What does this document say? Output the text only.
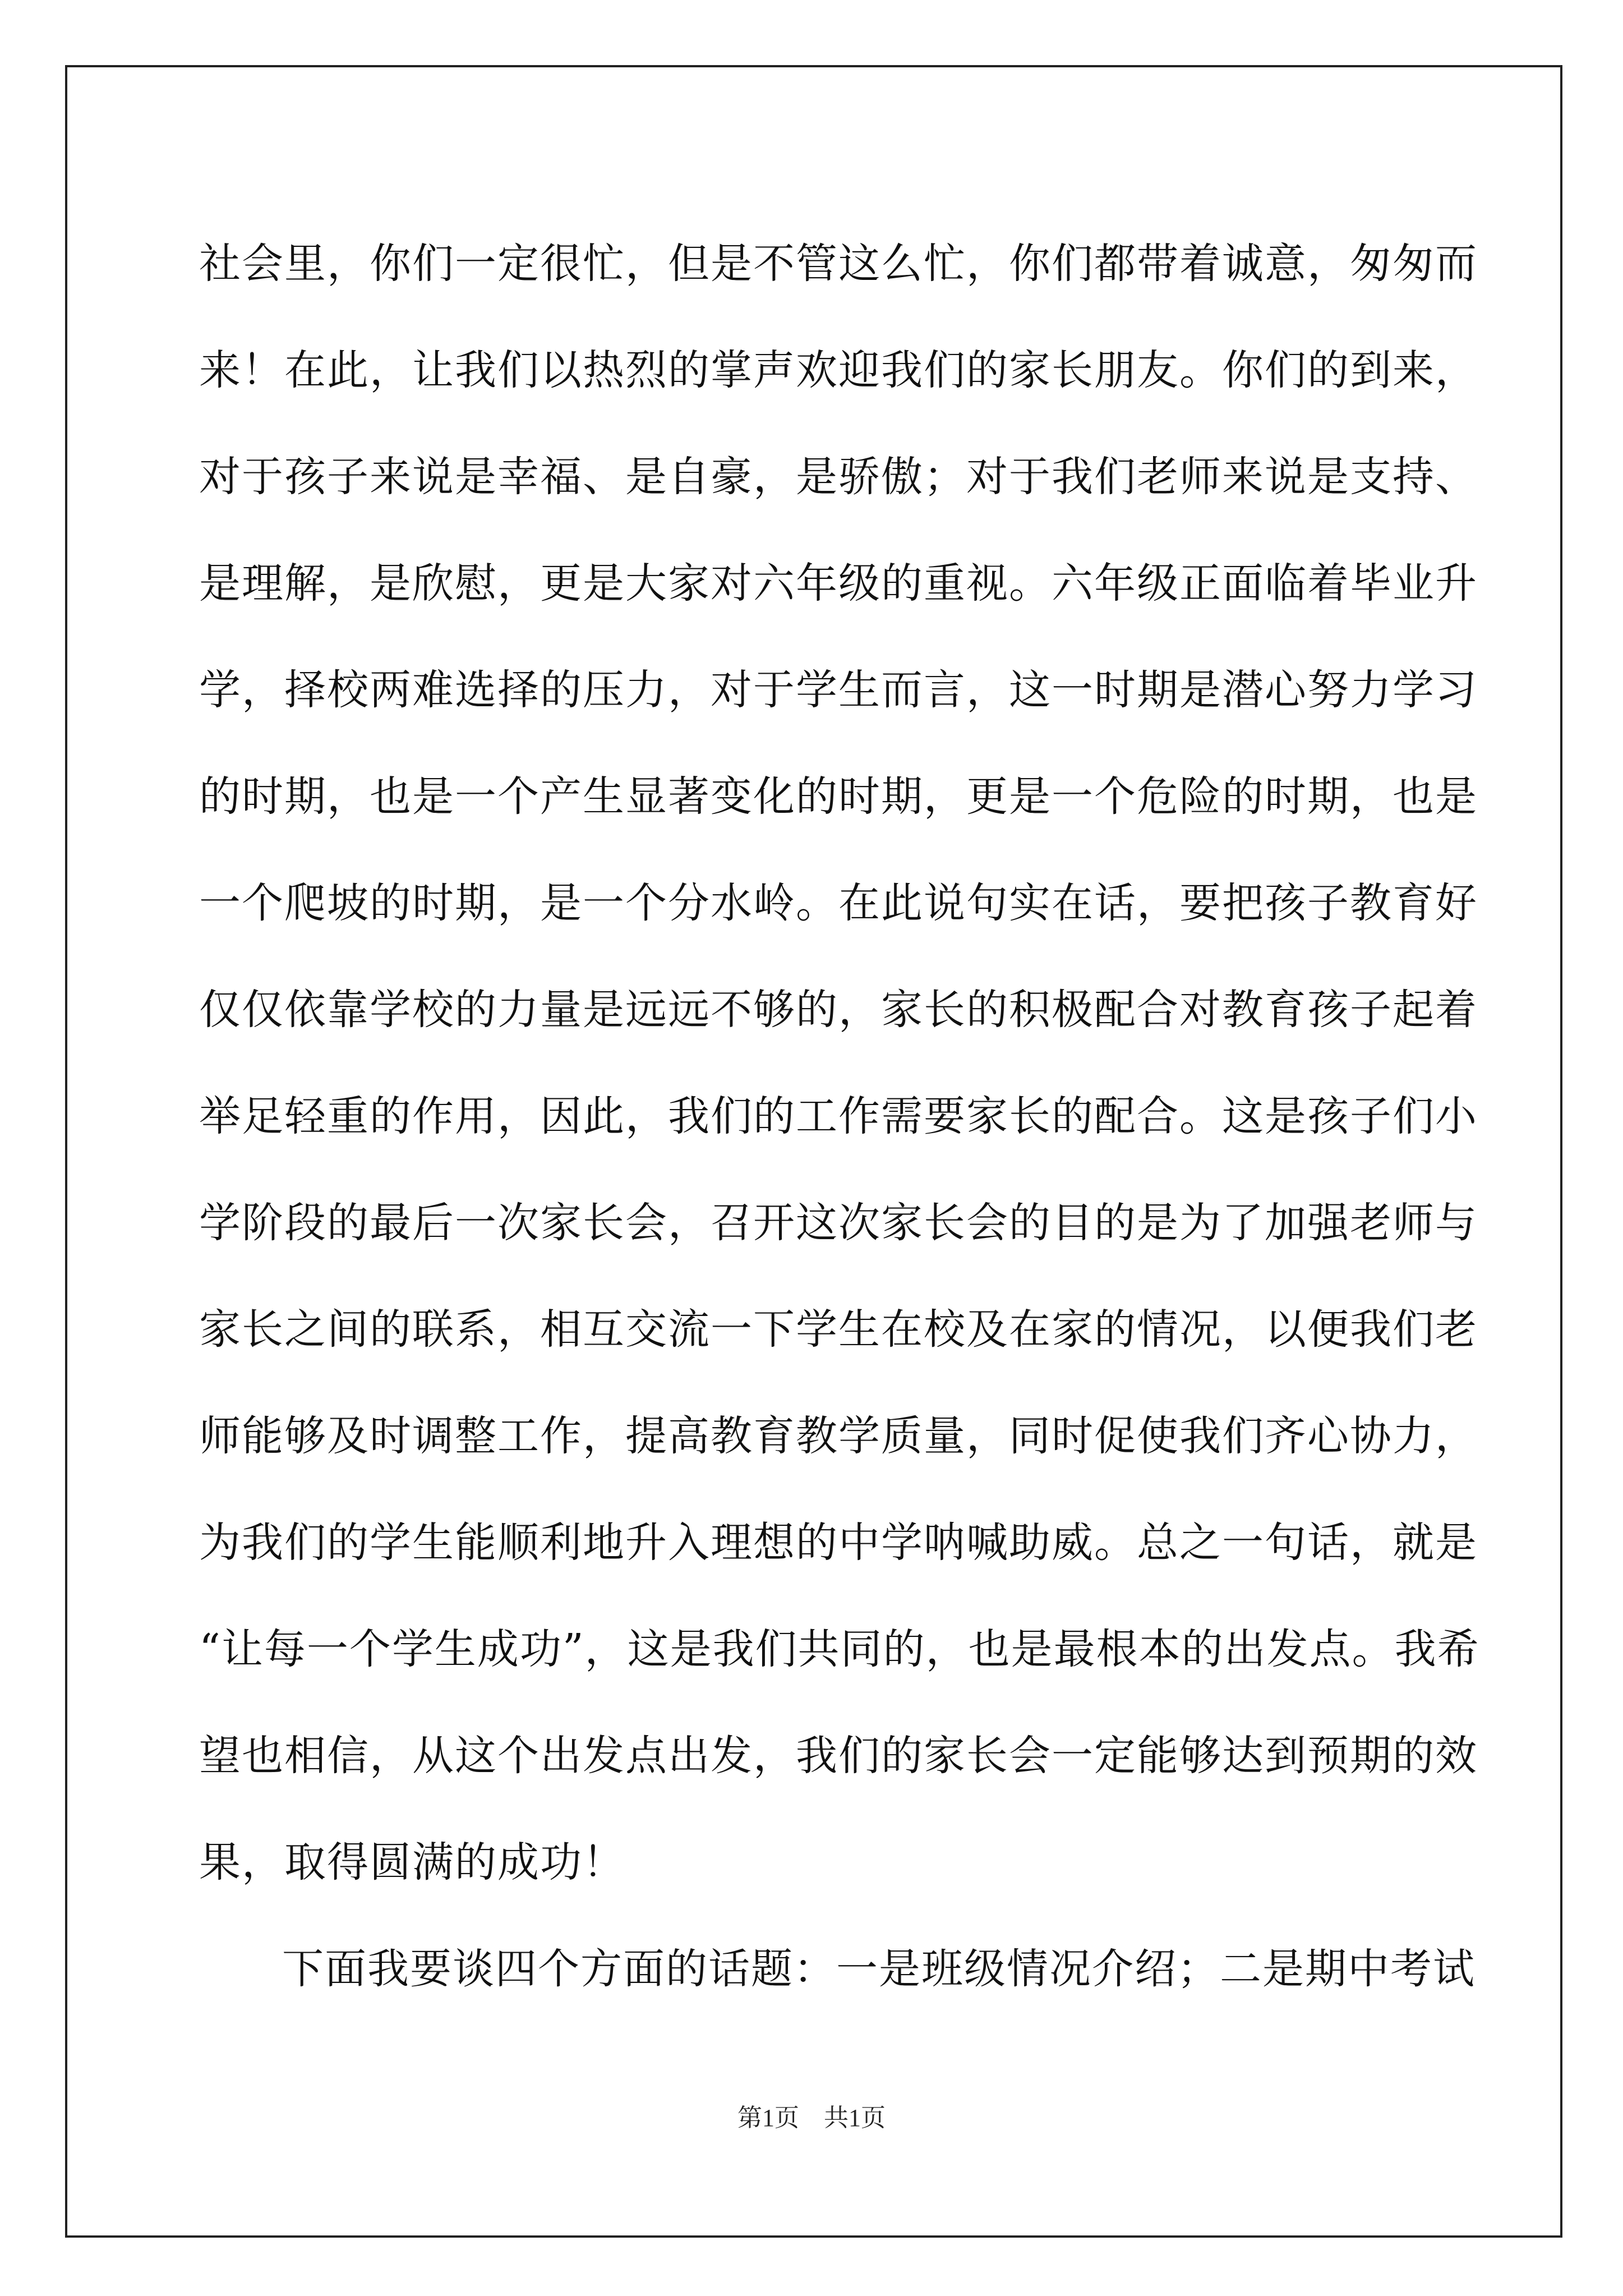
社会里，你们一定很忙，但是不管这么忙，你们都带着诚意，匆匆而
来！在此，让我们以热烈的掌声欢迎我们的家长朋友。你们的到来，
对于孩子来说是幸福、是自豪，是骄傲；对于我们老师来说是支持、
是理解，是欣慰，更是大家对六年级的重视。六年级正面临着毕业升
学，择校两难选择的压力，对于学生而言，这一时期是潜心努力学习
的时期，也是一个产生显著变化的时期，更是一个危险的时期，也是
一个爬坡的时期，是一个分水岭。在此说句实在话，要把孩子教育好
仅仅依靠学校的力量是远远不够的，家长的积极配合对教育孩子起着
举足轻重的作用，因此，我们的工作需要家长的配合。这是孩子们小
学阶段的最后一次家长会，召开这次家长会的目的是为了加强老师与
家长之间的联系，相互交流一下学生在校及在家的情况，以便我们老
师能够及时调整工作，提高教育教学质量，同时促使我们齐心协力，
为我们的学生能顺利地升入理想的中学呐喊助威。总之一句话，就是
“让每一个学生成功”，这是我们共同的，也是最根本的出发点。我希
望也相信，从这个出发点出发，我们的家长会一定能够达到预期的效
果，取得圆满的成功！
下面我要谈四个方面的话题：一是班级情况介绍；二是期中考试
第1页 共1页
